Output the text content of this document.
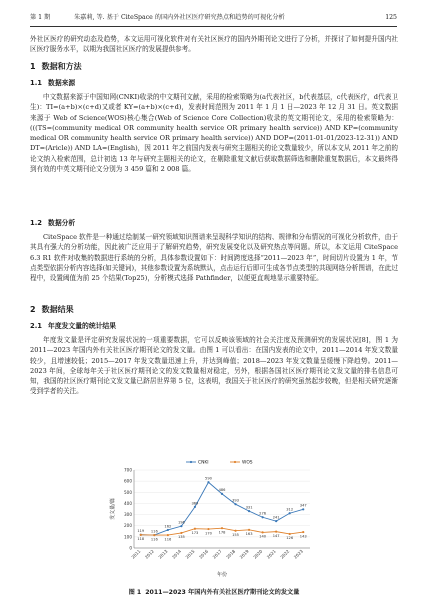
第 1 期	朱嘉莉, 等. 基于 CiteSpace 的国内外社区医疗研究热点和趋势的可视化分析	125

外社区医疗的研究动态及趋势，本文运用可视化软件对有关社区医疗的国内外期刊论文进行了分析，并探讨了如何提升国内社区医疗服务水平，以期为我国社区医疗的发展提供参考。

1 数据和方法
1.1 数据来源

中文数据来源于中国知网(CNKI)收录的中文期刊文献，采用的检索策略为(a代表社区，b代表基层，c代表医疗，d代表卫生)：TI=(a+b)×(c+d)又或者 KY=(a+b)×(c+d)，发表时间范围为 2011 年 1 月 1 日—2023 年 12 月 31 日。英文数据来源于 Web of Science(WOS)核心集合(Web of Science Core Collection)收录的英文期刊论文，采用的检索策略为：(((TS=(community medical OR community health service OR primary health service)) AND KP=(community medical OR community health service OR primary health service)) AND DOP=(2011-01-01/2023-12-31)) AND DT=(Aricle)) AND LA=(English)，因 2011 年之前国内发表与研究主题相关的论文数量较少，所以本文从 2011 年之前的论文纳入检索范围，总计初选 13 年与研究主题相关的论文，在剔除重复文献后获取数据筛选和删除重复数据后，本文最终得到有效的中英文期刊论文分别为 3 459 篇和 2 008 篇。

1.2 数据分析

CiteSpace 软件是一种通过绘制某一研究领域知识图谱来呈现科学知识的结构、规律和分布情况的可视化分析软件，由于其具有强大的分析功能，因此被广泛应用于了解研究趋势，研究发展变化以及研究热点等问题。所以，本文运用 CiteSpace 6.3 R1 软件对收集的数据进行系统的分析，具体参数设置如下：时间跨度选择“2011—2023 年”，时间切片设置为 1 年，节点类型依据分析内容选择(如关键词)，其他参数设置为系统默认，点击运行后即可生成各节点类型的共现网络分析图谱，在此过程中，设置阈值为前 25 个结果(Top25)，分析模式选择 Pathfinder，以便更直观地显示重要特征。

2 数据结果
2.1 年度发文量的统计结果

年度发文量是评定研究发展状况的一项重要数据，它可以反映该领域的社会关注度及预测研究的发展状况[8]，图 1 为 2011—2023 年国内外有关社区医疗期刊论文的发文量。由图 1 可以看出：在国内发表的论文中，2011—2014 年发文数量较少，且增速较低；2015—2017 年发文数量迅速上升，并达到峰值；2018—2023 年发文数量呈缓慢下降趋势。2011—2023 年间，全球每年关于社区医疗期刊论文的发文数量相对稳定，另外，根据各国社区医疗期刊论文发文量的排名信息可知，我国的社区医疗期刊论文发文量已跻居世界第 5 位，这表明，我国关于社区医疗的研究虽然起步较晚，但是相关研究逐渐受到学者的关注。

0
100
200
300
400
500
600
700
2011 2012 2013 2014 2015 2016 2017 2018 2019 2020 2021 2022 2023
年份
发文量/篇
CNKI	WOS
119 116
162
196
369
590
486
393
331
276
241
312
347
118 116 116
135
173 170 178
155 163
140 147
126 143

图 1 2011—2023 年国内外有关社区医疗期刊论文的发文量
